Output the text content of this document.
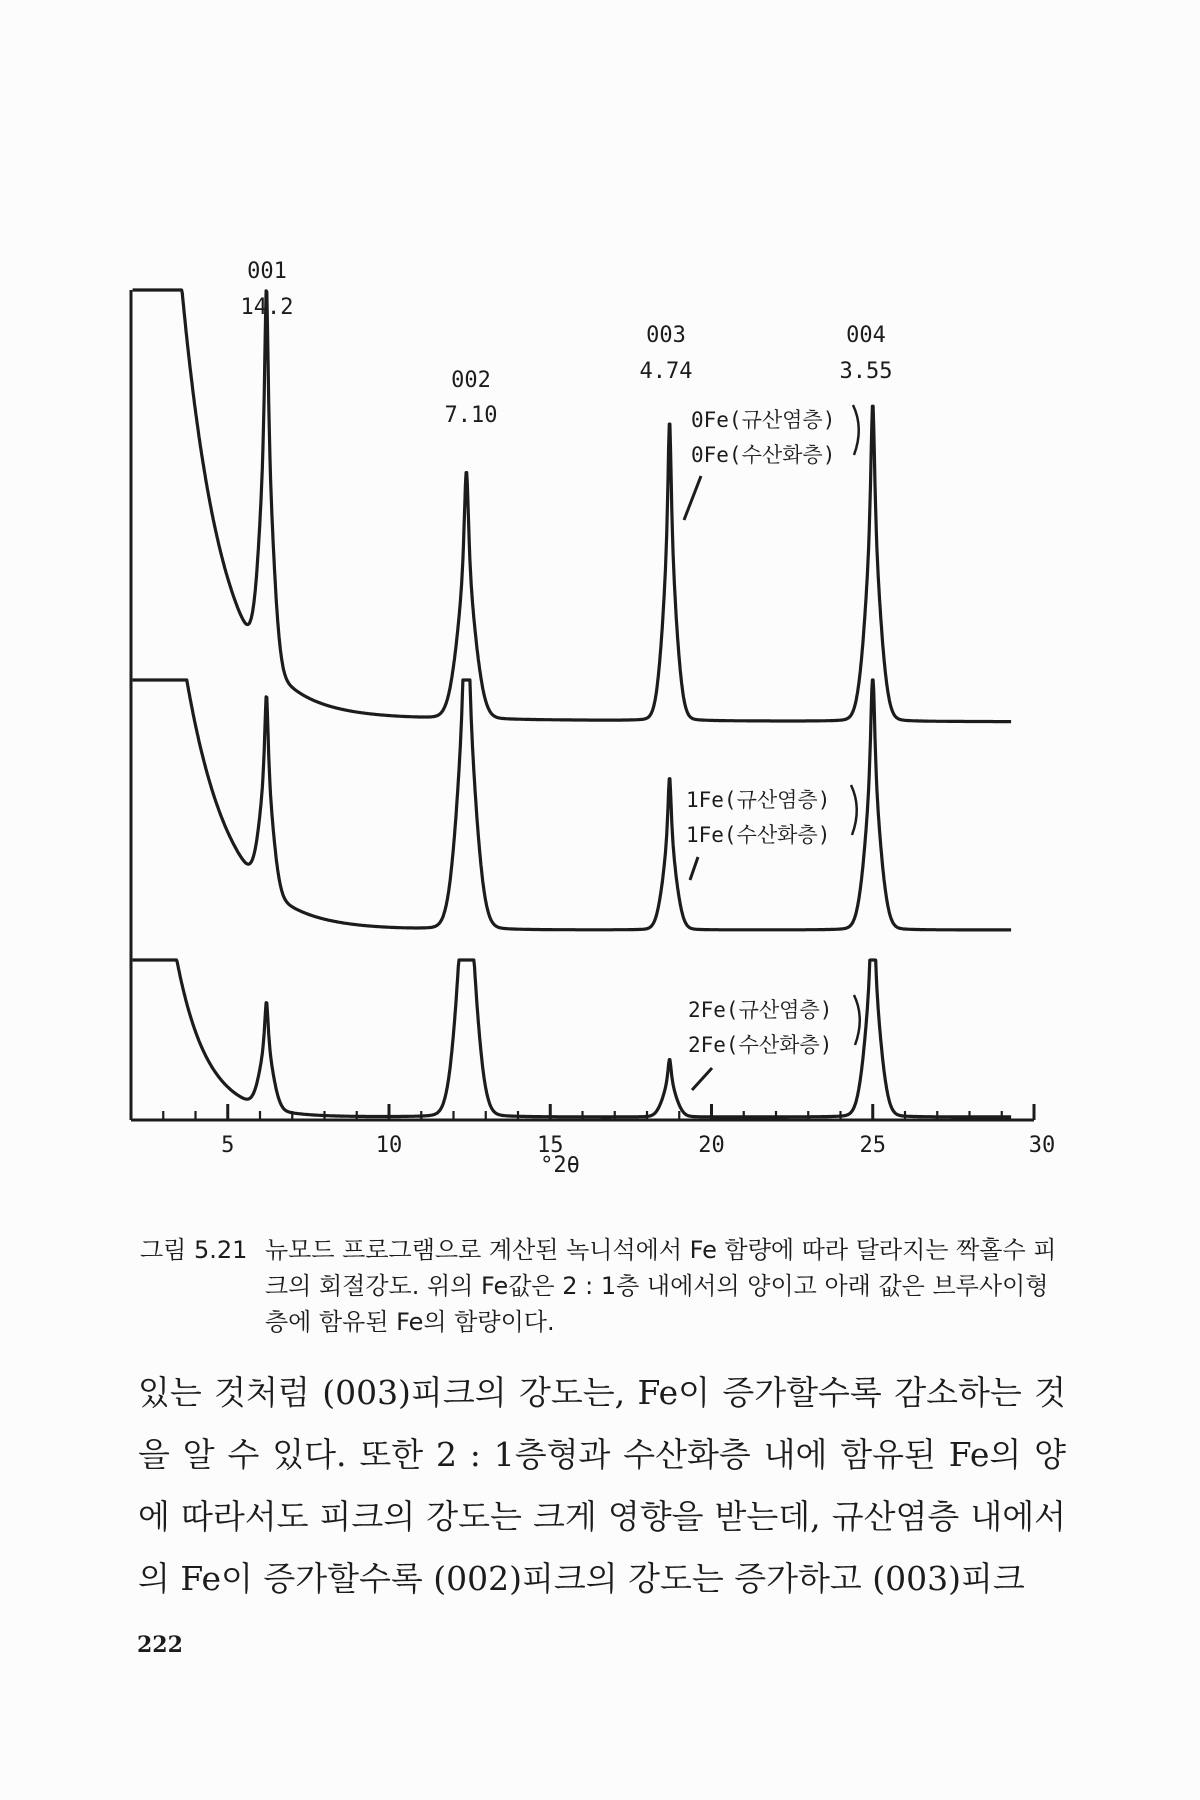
5	10	15	20	25	30
°2θ
001
14.2
002
7.10
003
4.74
004
3.55
0Fe(규산염층)
0Fe(수산화층)
1Fe(규산염층)
1Fe(수산화층)
2Fe(규산염층)
2Fe(수산화층)
그림 5.21 뉴모드 프로그램으로 계산된 녹니석에서 Fe 함량에 따라 달라지는 짝홀수 피크의 회절강도. 위의 Fe값은 2 : 1층 내에서의 양이고 아래 값은 브루사이형 층에 함유된 Fe의 함량이다.
있는 것처럼 (003)피크의 강도는, Fe이 증가할수록 감소하는 것을 알 수 있다. 또한 2 : 1층형과 수산화층 내에 함유된 Fe의 양에 따라서도 피크의 강도는 크게 영향을 받는데, 규산염층 내에서의 Fe이 증가할수록 (002)피크의 강도는 증가하고 (003)피크
222
